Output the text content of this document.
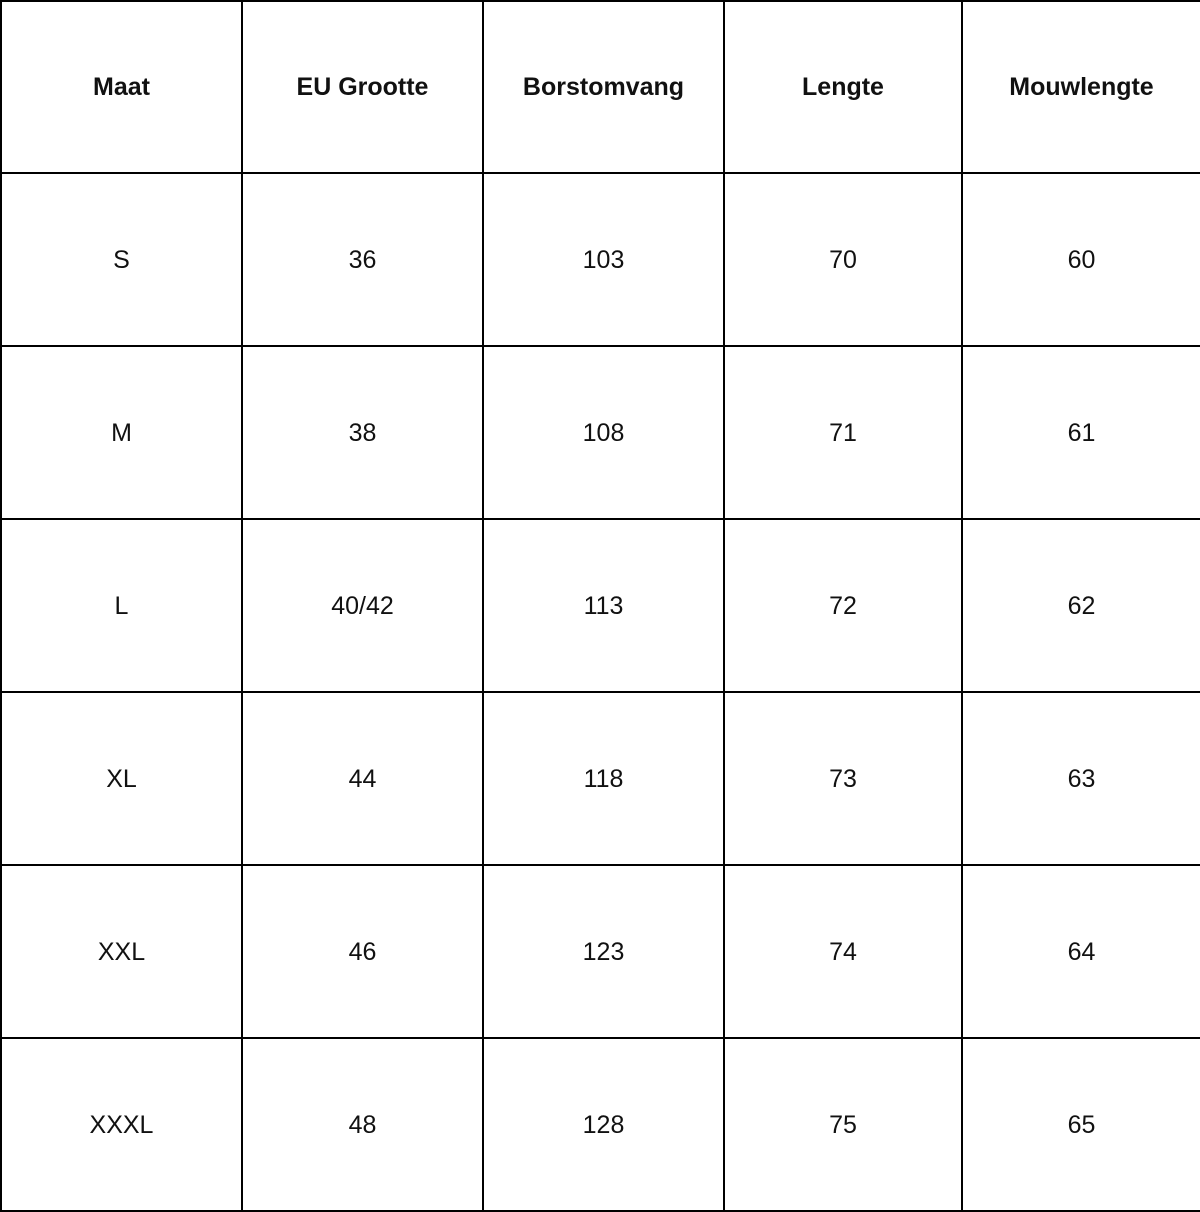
Maat	EU Grootte	Borstomvang	Lengte	Mouwlengte
S	36	103	70	60
M	38	108	71	61
L	40/42	113	72	62
XL	44	118	73	63
XXL	46	123	74	64
XXXL	48	128	75	65
